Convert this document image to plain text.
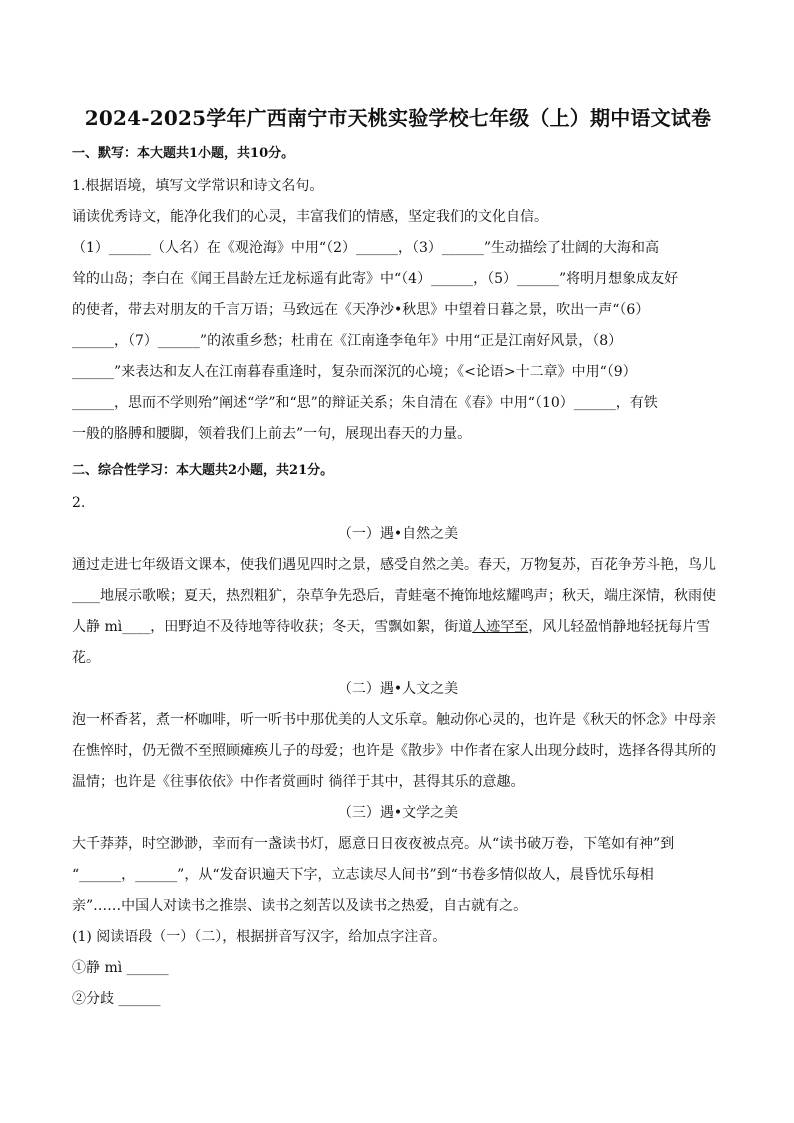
2024-2025学年广西南宁市天桃实验学校七年级（上）期中语文试卷
一、默写：本大题共1小题，共10分。

1.根据语境，填写文学常识和诗文名句。

诵读优秀诗文，能净化我们的心灵，丰富我们的情感，坚定我们的文化自信。

（1）______（人名）在《观沧海》中用“（2）______，（3）______”生动描绘了壮阔的大海和高
耸的山岛；李白在《闻王昌龄左迁龙标遥有此寄》中“（4）______，（5）______”将明月想象成友好
的使者，带去对朋友的千言万语；马致远在《天净沙•秋思》中望着日暮之景，吹出一声“（6）
______，（7）______”的浓重乡愁；杜甫在《江南逢李龟年》中用“正是江南好风景，（8）
______”来表达和友人在江南暮春重逢时，复杂而深沉的心境；《<论语>十二章》中用“（9）
______，思而不学则殆”阐述“学”和“思”的辩证关系；朱自清在《春》中用“（10）______，有铁
一般的胳膊和腰脚，领着我们上前去”一句，展现出春天的力量。
二、综合性学习：本大题共2小题，共21分。

2.

（一）遇•自然之美
通过走进七年级语文课本，使我们遇见四时之景，感受自然之美。春天，万物复苏，百花争芳斗艳，鸟儿
____地展示歌喉；夏天，热烈粗犷，杂草争先恐后，青蛙毫不掩饰地炫耀鸣声；秋天，端庄深情，秋雨使
人静 mì____，田野迫不及待地等待收获；冬天，雪飘如絮，街道人迹罕至，风儿轻盈悄静地轻抚每片雪
花。
（二）遇•人文之美
泡一杯香茗，煮一杯咖啡，听一听书中那优美的人文乐章。触动你心灵的，也许是《秋天的怀念》中母亲
在憔悴时，仍无微不至照顾瘫痪儿子的母爱；也许是《散步》中作者在家人出现分歧时，选择各得其所的
温情；也许是《往事依依》中作者赏画时 徜徉于其中，甚得其乐的意趣。
（三）遇•文学之美
大千莽莽，时空渺渺，幸而有一盏读书灯，愿意日日夜夜被点亮。从“读书破万卷，下笔如有神”到
“______，______”，从“发奋识遍天下字，立志读尽人间书”到“书卷多情似故人，晨昏忧乐每相
亲”……中国人对读书之推崇、读书之刻苦以及读书之热爱，自古就有之。

(1) 阅读语段（一）（二），根据拼音写汉字，给加点字注音。

①静 mì ______

②分歧 ______
